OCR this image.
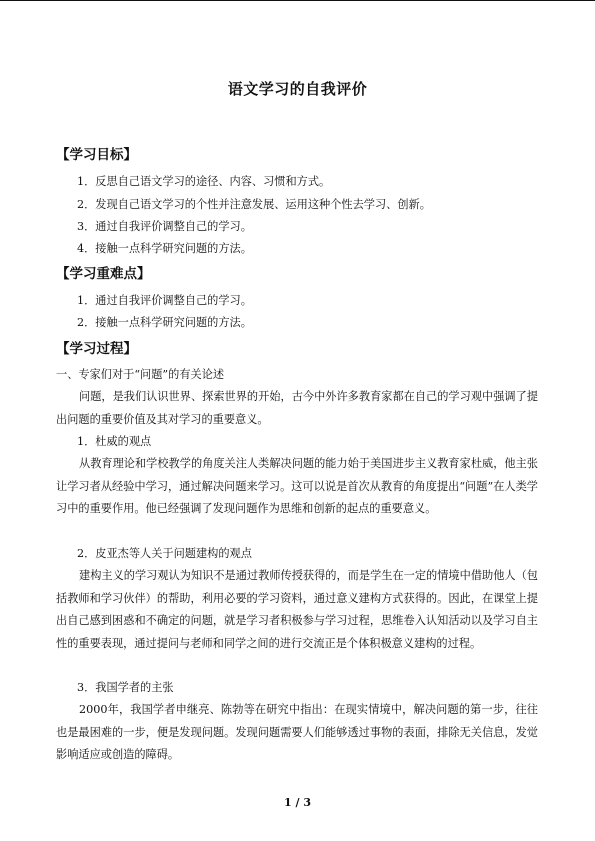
语文学习的自我评价
【学习目标】
1．反思自己语文学习的途径、内容、习惯和方式。
2．发现自己语文学习的个性并注意发展、运用这种个性去学习、创新。
3．通过自我评价调整自己的学习。
4．接触一点科学研究问题的方法。
【学习重难点】
1．通过自我评价调整自己的学习。
2．接触一点科学研究问题的方法。
【学习过程】
一、专家们对于“问题”的有关论述
问题，是我们认识世界、探索世界的开始，古今中外许多教育家都在自己的学习观中强调了提出问题的重要价值及其对学习的重要意义。
1．杜威的观点
从教育理论和学校教学的角度关注人类解决问题的能力始于美国进步主义教育家杜威，他主张让学习者从经验中学习，通过解决问题来学习。这可以说是首次从教育的角度提出“问题”在人类学习中的重要作用。他已经强调了发现问题作为思维和创新的起点的重要意义。
2．皮亚杰等人关于问题建构的观点
建构主义的学习观认为知识不是通过教师传授获得的，而是学生在一定的情境中借助他人（包括教师和学习伙伴）的帮助，利用必要的学习资料，通过意义建构方式获得的。因此，在课堂上提出自己感到困惑和不确定的问题，就是学习者积极参与学习过程，思维卷入认知活动以及学习自主性的重要表现，通过提问与老师和同学之间的进行交流正是个体积极意义建构的过程。
3．我国学者的主张
2000年，我国学者申继亮、陈勃等在研究中指出：在现实情境中，解决问题的第一步，往往也是最困难的一步，便是发现问题。发现问题需要人们能够透过事物的表面，排除无关信息，发觉影响适应或创造的障碍。
1 / 3
